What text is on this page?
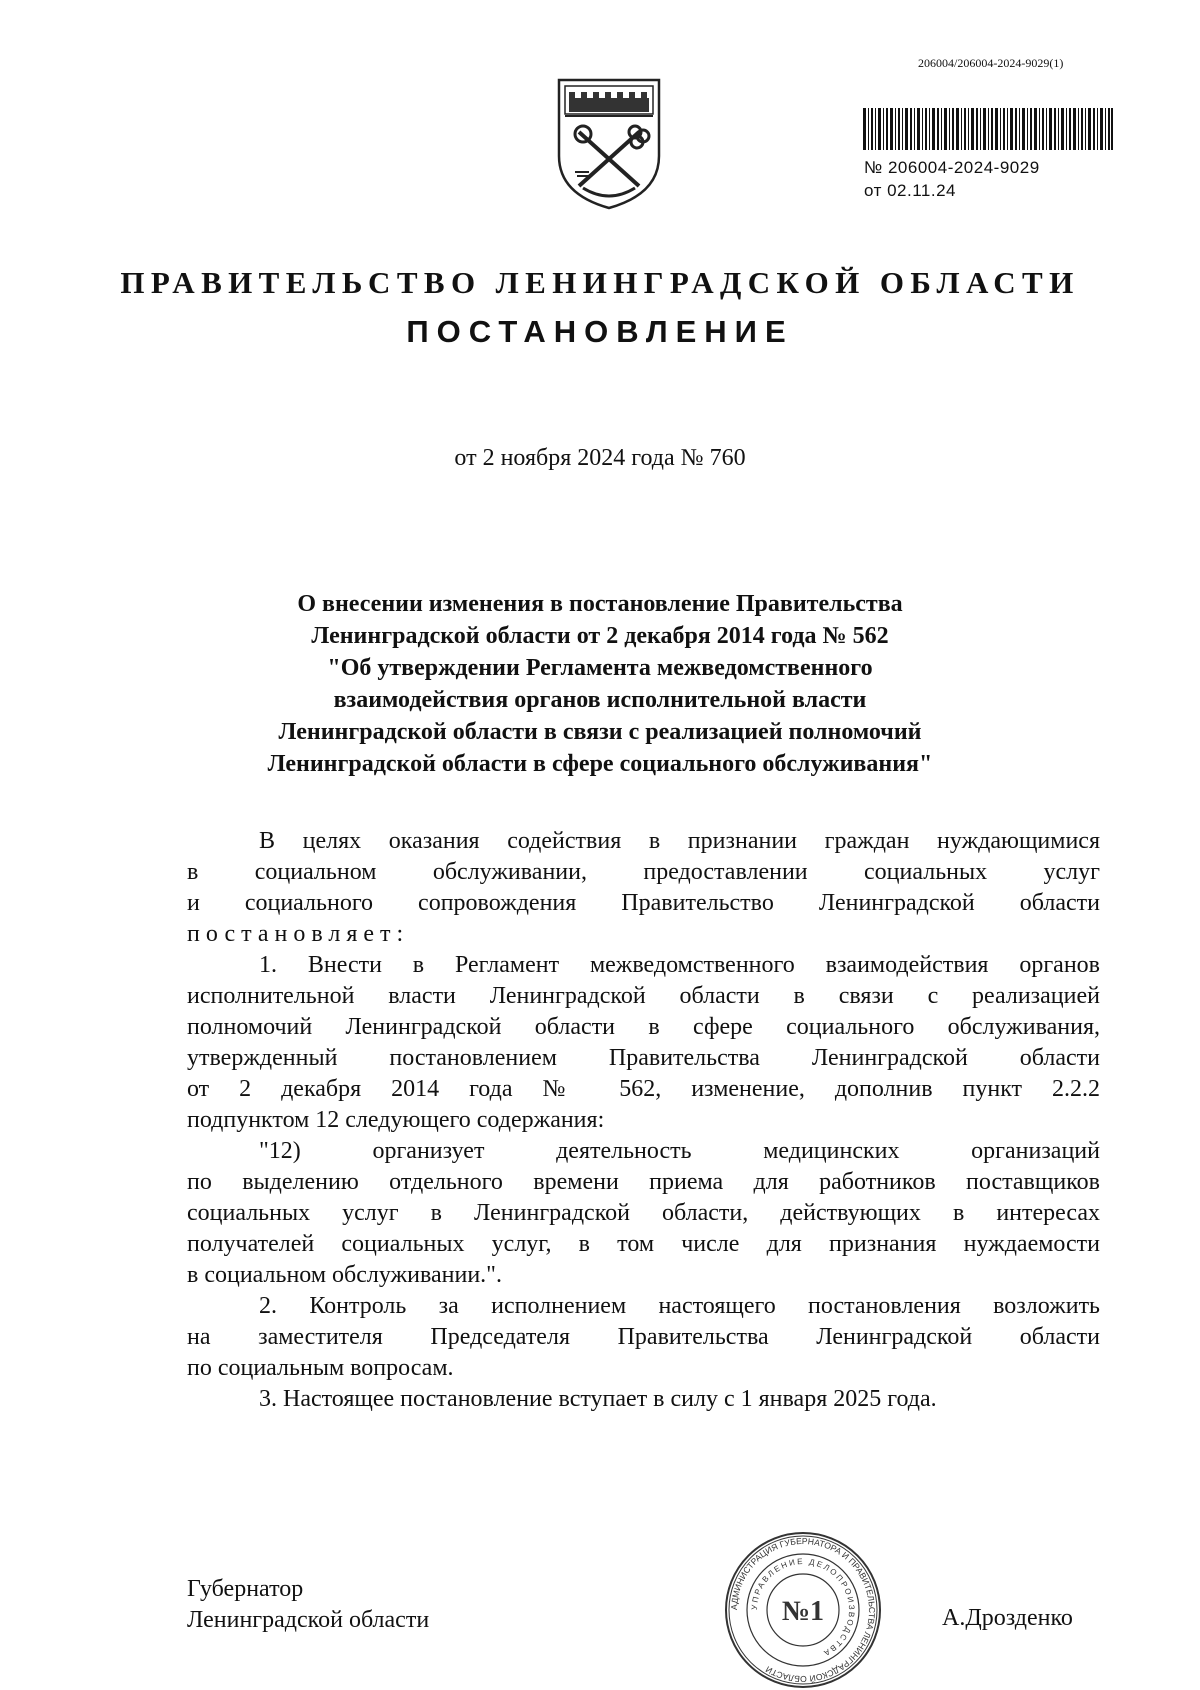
206004/206004-2024-9029(1)
№ 206004-2024-9029
от 02.11.24
ПРАВИТЕЛЬСТВО ЛЕНИНГРАДСКОЙ ОБЛАСТИ
ПОСТАНОВЛЕНИЕ
от 2 ноября 2024 года № 760
О внесении изменения в постановление Правительства
Ленинградской области от 2 декабря 2014 года № 562
"Об утверждении Регламента межведомственного
взаимодействия органов исполнительной власти
Ленинградской области в связи с реализацией полномочий
Ленинградской области в сфере социального обслуживания"
В целях оказания содействия в признании граждан нуждающимися
в социальном обслуживании, предоставлении социальных услуг
и социального сопровождения Правительство Ленинградской области
постановляет:
1. Внести в Регламент межведомственного взаимодействия органов
исполнительной власти Ленинградской области в связи с реализацией
полномочий Ленинградской области в сфере социального обслуживания,
утвержденный постановлением Правительства Ленинградской области
от 2 декабря 2014 года № 562, изменение, дополнив пункт 2.2.2
подпунктом 12 следующего содержания:
"12) организует деятельность медицинских организаций
по выделению отдельного времени приема для работников поставщиков
социальных услуг в Ленинградской области, действующих в интересах
получателей социальных услуг, в том числе для признания нуждаемости
в социальном обслуживании.".
2. Контроль за исполнением настоящего постановления возложить
на заместителя Председателя Правительства Ленинградской области
по социальным вопросам.
3. Настоящее постановление вступает в силу с 1 января 2025 года.
Губернатор
Ленинградской области
АДМИНИСТРАЦИЯ ГУБЕРНАТОРА И ПРАВИТЕЛЬСТВА ЛЕНИНГРАДСКОЙ ОБЛАСТИ
УПРАВЛЕНИЕ ДЕЛОПРОИЗВОДСТВА
№1	А.Дрозденко
